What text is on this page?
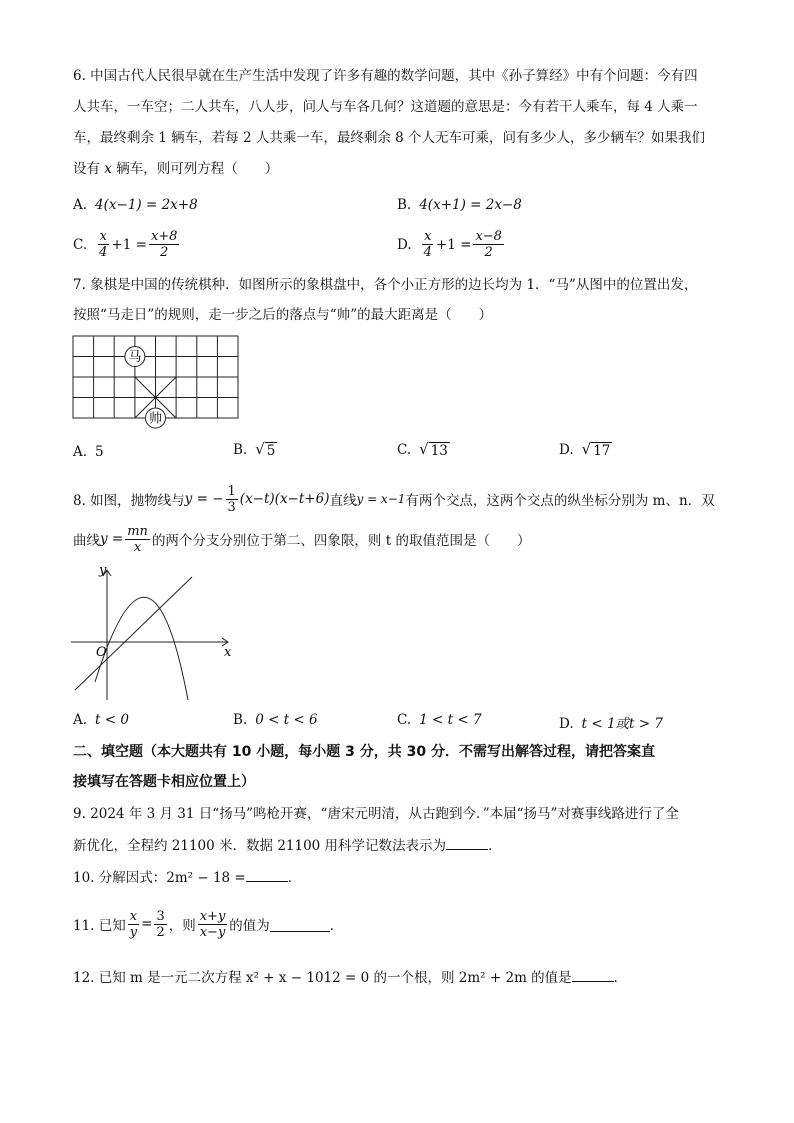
6. 中国古代人民很早就在生产生活中发现了许多有趣的数学问题，其中《孙子算经》中有个问题：今有四
人共车，一车空；二人共车，八人步，问人与车各几何？这道题的意思是：今有若干人乘车，每 4 人乘一
车，最终剩余 1 辆车，若每 2 人共乘一车，最终剩余 8 个人无车可乘，问有多少人，多少辆车？如果我们
设有 x 辆车，则可列方程（　　）
A. 4(x−1) = 2x+8	B. 4(x+1) = 2x−8
C. $\frac{x}{4} +1 = \frac{x+8}{2}$	D. $\frac{x}{4} +1 = \frac{x-8}{2}$
7. 象棋是中国的传统棋种．如图所示的象棋盘中，各个小正方形的边长均为 1．“马”从图中的位置出发，
按照“马走日”的规则，走一步之后的落点与“帅”的最大距离是（　　）
马
帅
A. 5	B. √ 5	C. √ 13	D. √ 17
8. 如图，抛物线与 y = − $\frac{1}{3} (x-t)(x-t+6)$ 直线 y = x−1 有两个交点，这两个交点的纵坐标分别为 m、n．双
曲线 $y = \frac{mn}{x}$ 的两个分支分别位于第二、四象限，则 t 的取值范围是（　　）
y
x
O
A. t < 0	B. 0 < t < 6	C. 1 < t < 7	D. t < 1或t > 7
二、填空题（本大题共有 10 小题，每小题 3 分，共 30 分．不需写出解答过程，请把答案直
接填写在答题卡相应位置上）
9. 2024 年 3 月 31 日“扬马”鸣枪开赛，“唐宋元明清，从古跑到今．”本届“扬马”对赛事线路进行了全
新优化，全程约 21100 米．数据 21100 用科学记数法表示为	．
10. 分解因式：2m² − 18 =	．
11. 已知 $\frac{x}{y} = \frac{3}{2}$ ，则 $\frac{x+y}{x-y}$ 的值为	．
12. 已知 m 是一元二次方程 x² + x − 1012 = 0 的一个根，则 2m² + 2m 的值是	．
